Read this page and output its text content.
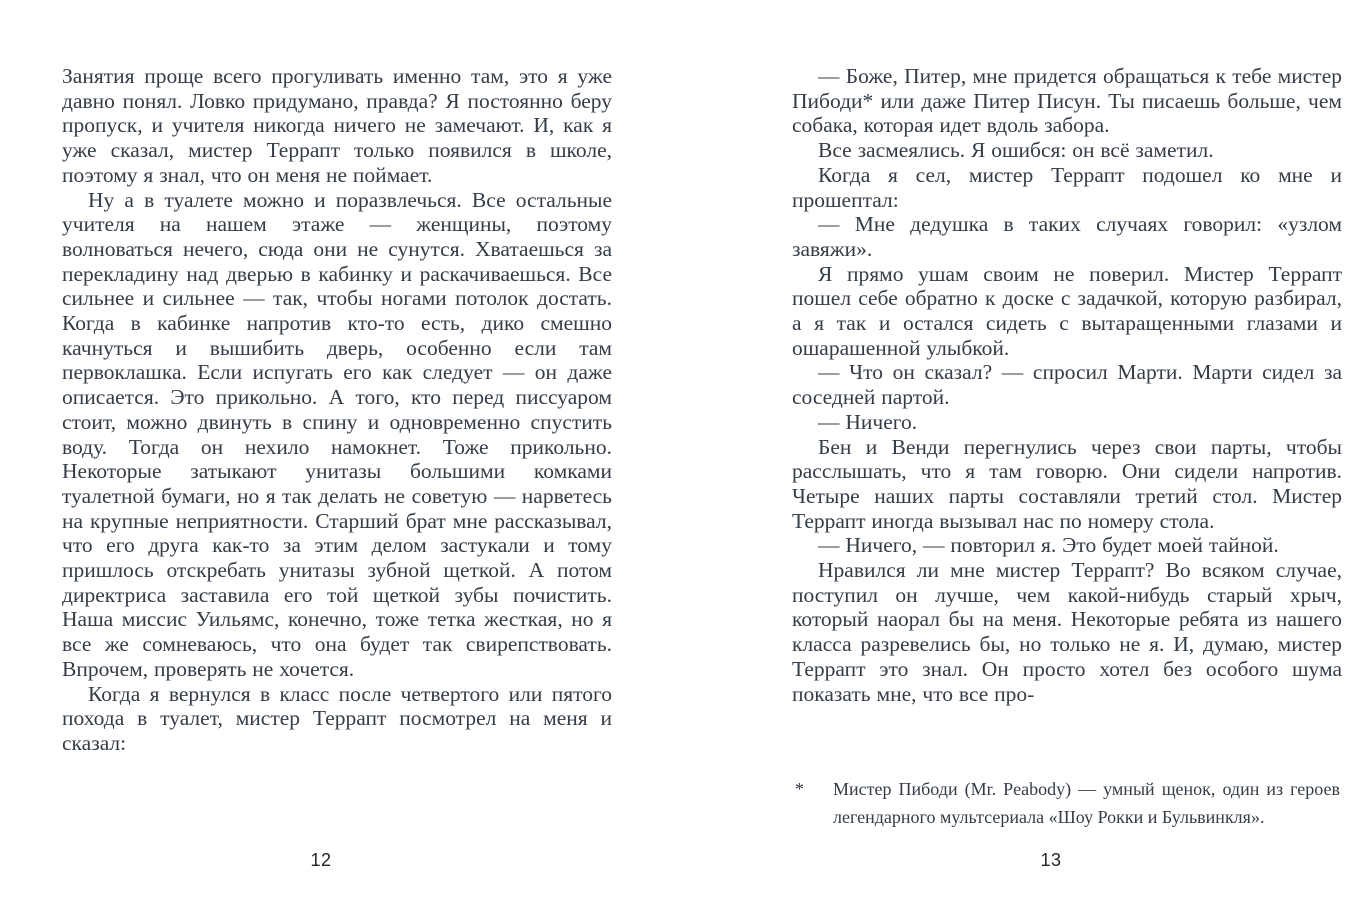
Занятия проще всего прогуливать именно там, это я уже давно понял. Ловко придумано, правда? Я постоянно беру пропуск, и учителя никогда ничего не замечают. И, как я уже сказал, мистер Террапт только появился в школе, поэтому я знал, что он меня не поймает.

Ну а в туалете можно и поразвлечься. Все остальные учителя на нашем этаже — женщины, поэтому волноваться нечего, сюда они не сунутся. Хватаешься за перекладину над дверью в кабинку и раскачиваешься. Все сильнее и сильнее — так, чтобы ногами потолок достать. Когда в кабинке напротив кто-то есть, дико смешно качнуться и вышибить дверь, особенно если там первоклашка. Если испугать его как следует — он даже описается. Это прикольно. А того, кто перед писсуаром стоит, можно двинуть в спину и одновременно спустить воду. Тогда он нехило намокнет. Тоже прикольно. Некоторые затыкают унитазы большими комками туалетной бумаги, но я так делать не советую — нарветесь на крупные неприятности. Старший брат мне рассказывал, что его друга как-то за этим делом застукали и тому пришлось отскребать унитазы зубной щеткой. А потом директриса заставила его той щеткой зубы почистить. Наша миссис Уильямс, конечно, тоже тетка жесткая, но я все же сомневаюсь, что она будет так свирепствовать. Впрочем, проверять не хочется.

Когда я вернулся в класс после четвертого или пятого похода в туалет, мистер Террапт посмотрел на меня и сказал:

— Боже, Питер, мне придется обращаться к тебе мистер Пибоди* или даже Питер Писун. Ты писаешь больше, чем собака, которая идет вдоль забора.

Все засмеялись. Я ошибся: он всё заметил.

Когда я сел, мистер Террапт подошел ко мне и прошептал:

— Мне дедушка в таких случаях говорил: «узлом завяжи».

Я прямо ушам своим не поверил. Мистер Террапт пошел себе обратно к доске с задачкой, которую разбирал, а я так и остался сидеть с вытаращенными глазами и ошарашенной улыбкой.

— Что он сказал? — спросил Марти. Марти сидел за соседней партой.

— Ничего.

Бен и Венди перегнулись через свои парты, чтобы расслышать, что я там говорю. Они сидели напротив. Четыре наших парты составляли третий стол. Мистер Террапт иногда вызывал нас по номеру стола.

— Ничего, — повторил я. Это будет моей тайной.

Нравился ли мне мистер Террапт? Во всяком случае, поступил он лучше, чем какой-нибудь старый хрыч, который наорал бы на меня. Некоторые ребята из нашего класса разревелись бы, но только не я. И, думаю, мистер Террапт это знал. Он просто хотел без особого шума показать мне, что все про-

* Мистер Пибоди (Mr. Peabody) — умный щенок, один из героев легендарного мультсериала «Шоу Рокки и Бульвинкля».
12	13
